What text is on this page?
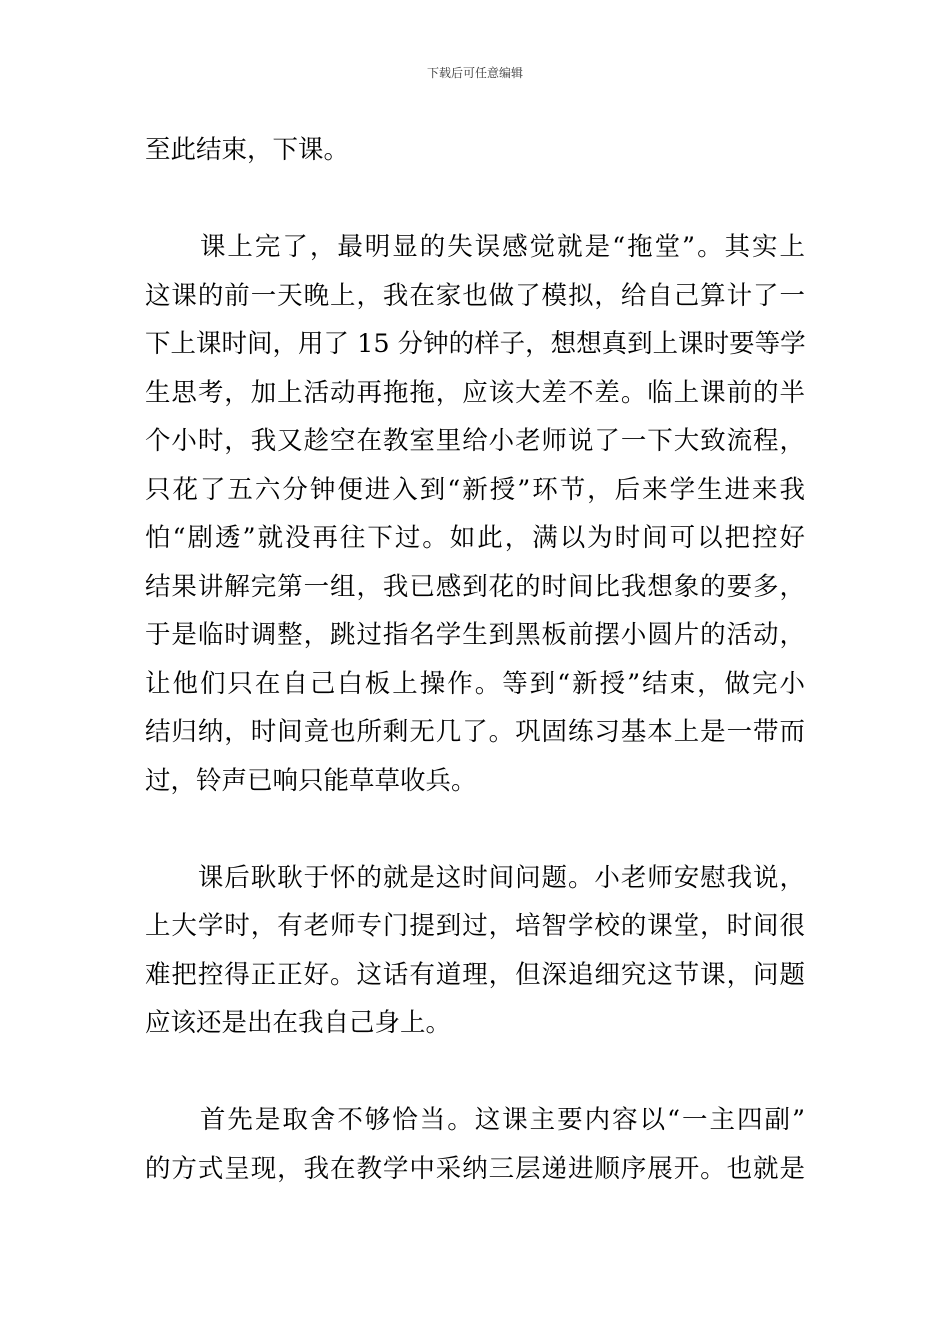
下载后可任意编辑
至此结束，下课。
　　课上完了，最明显的失误感觉就是“拖堂”。其实上
这课的前一天晚上，我在家也做了模拟，给自己算计了一
下上课时间，用了 15 分钟的样子，想想真到上课时要等学
生思考，加上活动再拖拖，应该大差不差。临上课前的半
个小时，我又趁空在教室里给小老师说了一下大致流程，
只花了五六分钟便进入到“新授”环节，后来学生进来我
怕“剧透”就没再往下过。如此，满以为时间可以把控好
结果讲解完第一组，我已感到花的时间比我想象的要多，
于是临时调整，跳过指名学生到黑板前摆小圆片的活动，
让他们只在自己白板上操作。等到“新授”结束，做完小
结归纳，时间竟也所剩无几了。巩固练习基本上是一带而
过，铃声已响只能草草收兵。
　　课后耿耿于怀的就是这时间问题。小老师安慰我说，
上大学时，有老师专门提到过，培智学校的课堂，时间很
难把控得正正好。这话有道理，但深追细究这节课，问题
应该还是出在我自己身上。
　　首先是取舍不够恰当。这课主要内容以“一主四副”
的方式呈现，我在教学中采纳三层递进顺序展开。也就是
